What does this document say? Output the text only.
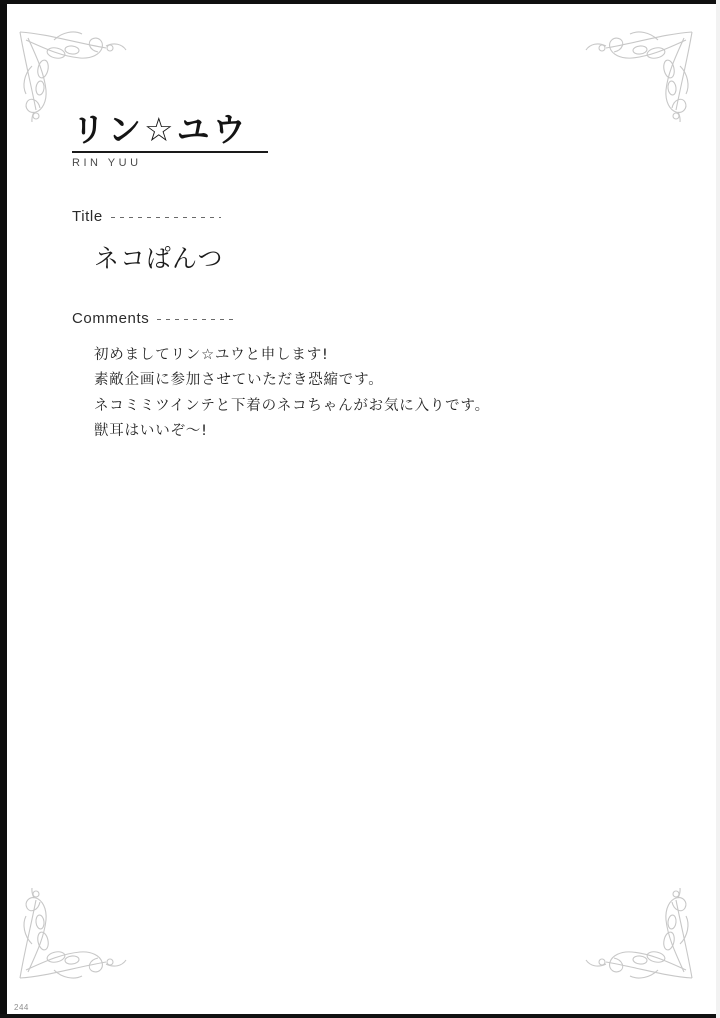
リン☆ユウ
RIN YUU
Title
ネコぱんつ
Comments
初めましてリン☆ユウと申します!
素敵企画に参加させていただき恐縮です。
ネコミミツインテと下着のネコちゃんがお気に入りです。
獣耳はいいぞ〜!
244
